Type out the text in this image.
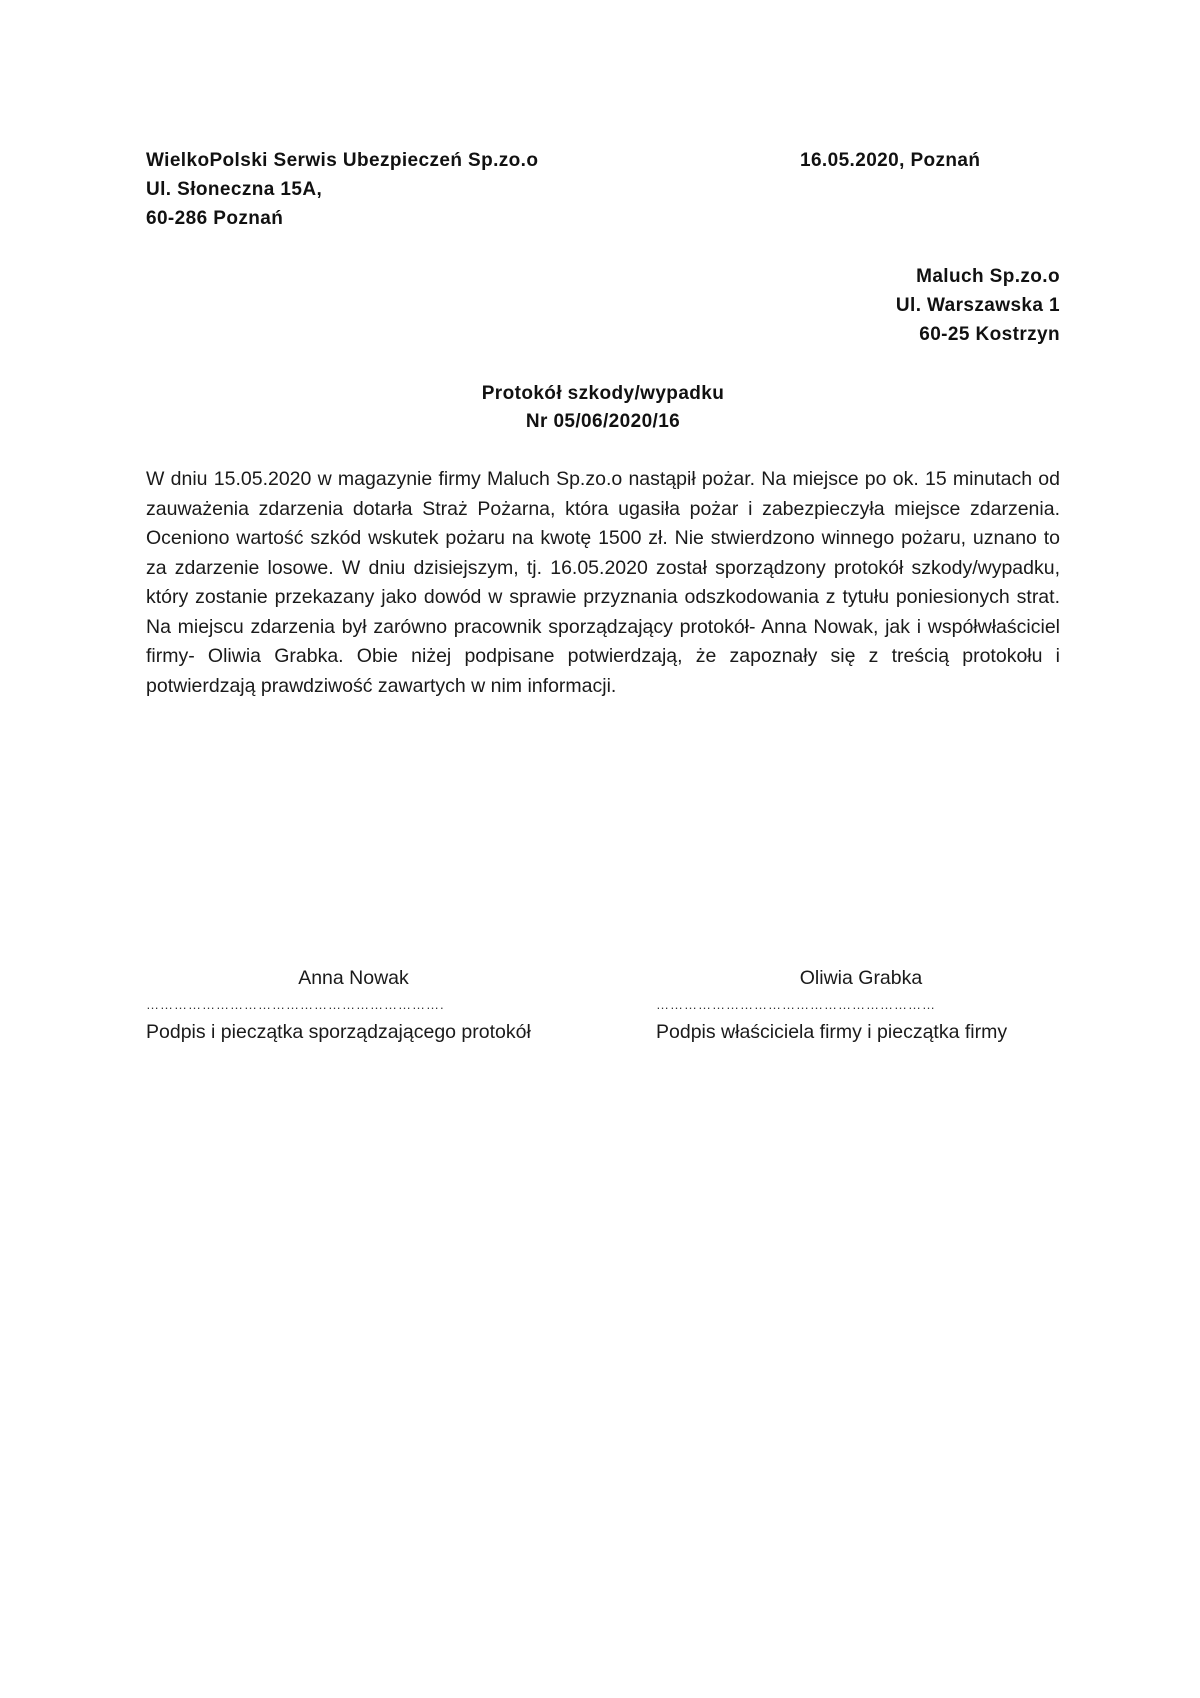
WielkoPolski Serwis Ubezpieczeń Sp.zo.o
Ul. Słoneczna 15A,
60-286 Poznań
16.05.2020, Poznań
Maluch Sp.zo.o
Ul. Warszawska 1
60-25 Kostrzyn
Protokół szkody/wypadku
Nr 05/06/2020/16
W dniu 15.05.2020 w magazynie firmy Maluch Sp.zo.o nastąpił pożar. Na miejsce po ok. 15 minutach od zauważenia zdarzenia dotarła Straż Pożarna, która ugasiła pożar i zabezpieczyła miejsce zdarzenia. Oceniono wartość szkód wskutek pożaru na kwotę 1500 zł. Nie stwierdzono winnego pożaru, uznano to za zdarzenie losowe. W dniu dzisiejszym, tj. 16.05.2020 został sporządzony protokół szkody/wypadku, który zostanie przekazany jako dowód w sprawie przyznania odszkodowania z tytułu poniesionych strat. Na miejscu zdarzenia był zarówno pracownik sporządzający protokół- Anna Nowak, jak i współwłaściciel firmy- Oliwia Grabka. Obie niżej podpisane potwierdzają, że zapoznały się z treścią protokołu i potwierdzają prawdziwość zawartych w nim informacji.
Anna Nowak
……………………………………………………….
Podpis i pieczątka sporządzającego protokół
Oliwia Grabka
……………………………………………………
Podpis właściciela firmy i pieczątka firmy
